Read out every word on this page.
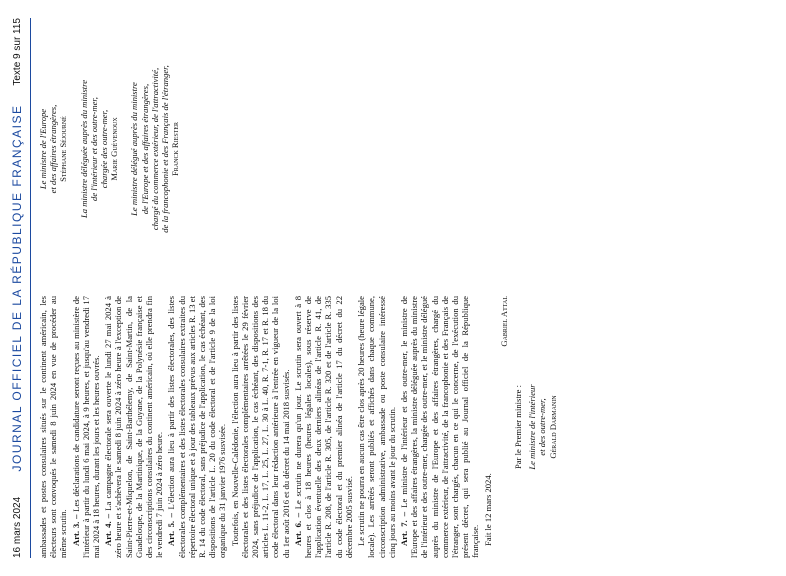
16 mars 2024
JOURNAL OFFICIEL DE LA RÉPUBLIQUE FRANÇAISE
Texte 9 sur 115

ambassades et postes consulaires situés sur le continent américain, les électeurs sont convoqués le samedi 8 juin 2024 en vue de procéder au même scrutin. Art. 3. – Les déclarations de candidature seront reçues au ministère de l'intérieur à partir du lundi 6 mai 2024, à 9 heures, et jusqu'au vendredi 17 mai 2024 à 18 heures, durant les jours et les heures ouvrés. Art. 4. – La campagne électorale sera ouverte le lundi 27 mai 2024 à zéro heure et s'achèvera le samedi 8 juin 2024 à zéro heure à l'exception de Saint-Pierre-et-Miquelon, de Saint-Barthélemy, de Saint-Martin, de la Guadeloupe, de la Martinique, de la Guyane, de la Polynésie française et des circonscriptions consulaires du continent américain, où elle prendra fin le vendredi 7 juin 2024 à zéro heure. Art. 5. – L'élection aura lieu à partir des listes électorales, des listes électorales complémentaires et des listes électorales consulaires extraites du répertoire électoral unique et à jour des tableaux prévus aux articles R. 13 et R. 14 du code électoral, sans préjudice de l'application, le cas échéant, des dispositions de l'article L. 20 du code électoral et de l'article 9 de la loi organique du 31 janvier 1976 susvisée. Toutefois, en Nouvelle-Calédonie, l'élection aura lieu à partir des listes électorales et des listes électorales complémentaires arrêtées le 29 février 2024, sans préjudice de l'application, le cas échéant, des dispositions des articles L. 11-2, L. 17, L. 25, L. 27, L. 30 à L. 40, R. 7-1, R. 17 et R. 18 du code électoral dans leur rédaction antérieure à l'entrée en vigueur de la loi du 1er août 2016 et du décret du 14 mai 2018 susvisés. Art. 6. – Le scrutin ne durera qu'un jour. Le scrutin sera ouvert à 8 heures et clos à 18 heures (heures légales locales), sous réserve de l'application éventuelle des deux derniers alinéas de l'article R. 41, de l'article R. 208, de l'article R. 305, de l'article R. 320 et de l'article R. 335 du code électoral et du premier alinéa de l'article 17 du décret du 22 décembre 2005 susvisé. Le scrutin ne pourra en aucun cas être clos après 20 heures (heure légale locale). Les arrêtés seront publiés et affichés dans chaque commune, circonscription administrative, ambassade ou poste consulaire intéressé cinq jours au moins avant le jour du scrutin. Art. 7. – Le ministre de l'intérieur et des outre-mer, le ministre de l'Europe et des affaires étrangères, la ministre déléguée auprès du ministre de l'intérieur et des outre-mer, chargée des outre-mer, et le ministre délégué auprès du ministre de l'Europe et des affaires étrangères, chargé du commerce extérieur, de l'attractivité, de la francophonie et des Français de l'étranger, sont chargés, chacun en ce qui le concerne, de l'exécution du présent décret, qui sera publié au Journal officiel de la République française. Fait le 12 mars 2024.

Gabriel Attal
Par le Premier ministre : Le ministre de l'intérieur et des outre-mer, Gérald Darmanin
Le ministre de l'Europe et des affaires étrangères, Stéphane Séjourné La ministre déléguée auprès du ministre de l'intérieur et des outre-mer, chargée des outre-mer, Marie Guévenoux Le ministre délégué auprès du ministre de l'Europe et des affaires étrangères, chargé du commerce extérieur, de l'attractivité, de la francophonie et des Français de l'étranger, Franck Riester
